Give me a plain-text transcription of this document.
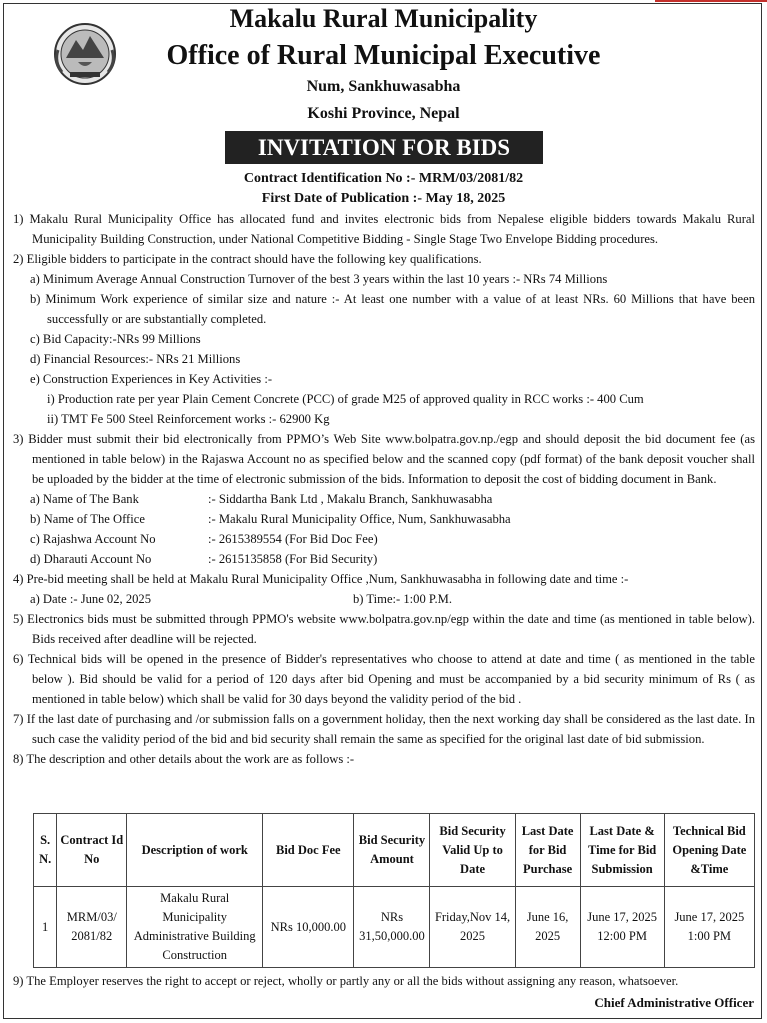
Makalu Rural Municipality
Office of Rural Municipal Executive
Num, Sankhuwasabha
Koshi Province, Nepal
INVITATION FOR BIDS
Contract Identification No :- MRM/03/2081/82
First Date of Publication :- May 18, 2025
1) Makalu Rural Municipality Office has allocated fund and invites electronic bids from Nepalese eligible bidders towards Makalu Rural Municipality Building Construction, under National Competitive Bidding - Single Stage Two Envelope Bidding procedures.
2) Eligible bidders to participate in the contract should have the following key qualifications.
a) Minimum Average Annual Construction Turnover of the best 3 years within the last 10 years :- NRs 74 Millions
b) Minimum Work experience of similar size and nature :- At least one number with a value of at least NRs. 60 Millions that have been successfully or are substantially completed.
c) Bid Capacity:-NRs 99 Millions
d) Financial Resources:- NRs 21 Millions
e) Construction Experiences in Key Activities :-
i) Production rate per year Plain Cement Concrete (PCC) of grade M25 of approved quality in RCC works :- 400 Cum
ii) TMT Fe 500 Steel Reinforcement works :- 62900 Kg
3) Bidder must submit their bid electronically from PPMO’s Web Site www.bolpatra.gov.np./egp and should deposit the bid document fee (as mentioned in table below) in the Rajaswa Account no as specified below and the scanned copy (pdf format) of the bank deposit voucher shall be uploaded by the bidder at the time of electronic submission of the bids. Information to deposit the cost of bidding document in Bank.
a) Name of The Bank	:- Siddartha Bank Ltd , Makalu Branch, Sankhuwasabha
b) Name of The Office	:- Makalu Rural Municipality Office, Num, Sankhuwasabha
c) Rajashwa Account No	:- 2615389554 (For Bid Doc Fee)
d) Dharauti Account No	:- 2615135858 (For Bid Security)
4) Pre-bid meeting shall be held at Makalu Rural Municipality Office ,Num, Sankhuwasabha in following date and time :-
a) Date :- June 02, 2025	b) Time:- 1:00 P.M.
5) Electronics bids must be submitted through PPMO's website www.bolpatra.gov.np/egp within the date and time (as mentioned in table below). Bids received after deadline will be rejected.
6) Technical bids will be opened in the presence of Bidder's representatives who choose to attend at date and time ( as mentioned in the table below ). Bid should be valid for a period of 120 days after bid Opening and must be accompanied by a bid security minimum of Rs ( as mentioned in table below) which shall be valid for 30 days beyond the validity period of the bid .
7) If the last date of purchasing and /or submission falls on a government holiday, then the next working day shall be considered as the last date. In such case the validity period of the bid and bid security shall remain the same as specified for the original last date of bid submission.
8) The description and other details about the work are as follows :-
S. N.	Contract Id No	Description of work	Bid Doc Fee	Bid Security Amount	Bid Security Valid Up to Date	Last Date for Bid Purchase	Last Date & Time for Bid Submission	Technical Bid Opening Date &Time
1	MRM/03/ 2081/82	Makalu Rural Municipality Administrative Building Construction	NRs 10,000.00	NRs 31,50,000.00	Friday,Nov 14, 2025	June 16, 2025	June 17, 2025 12:00 PM	June 17, 2025 1:00 PM
9) The Employer reserves the right to accept or reject, wholly or partly any or all the bids without assigning any reason, whatsoever.
Chief Administrative Officer
